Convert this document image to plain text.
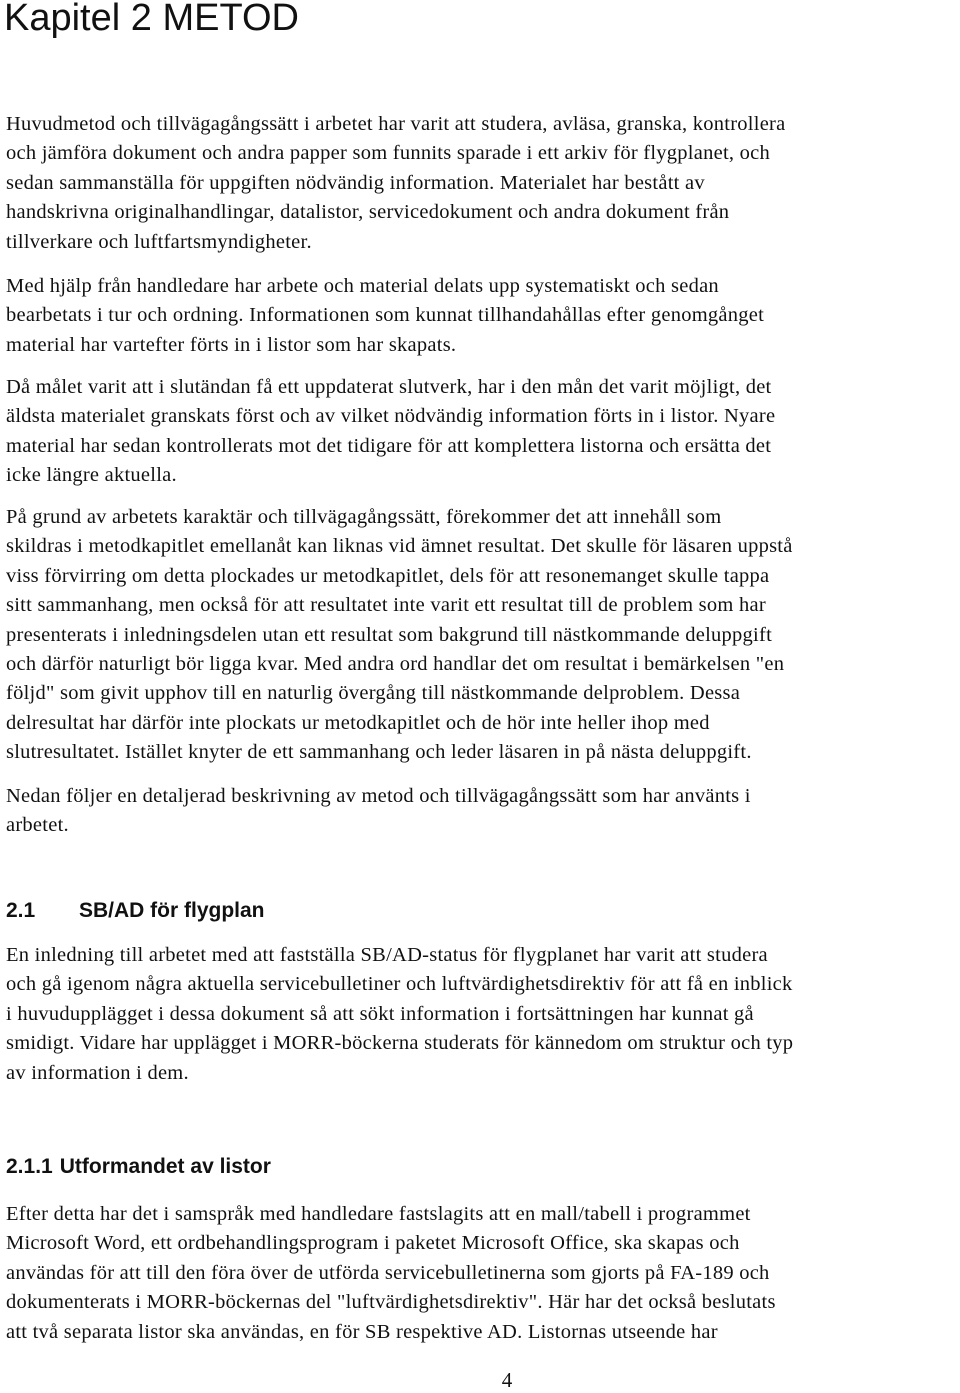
Kapitel 2 METOD

Huvudmetod och tillvägagångssätt i arbetet har varit att studera, avläsa, granska, kontrollera
och jämföra dokument och andra papper som funnits sparade i ett arkiv för flygplanet, och
sedan sammanställa för uppgiften nödvändig information. Materialet har bestått av
handskrivna originalhandlingar, datalistor, servicedokument och andra dokument från
tillverkare och luftfartsmyndigheter.

Med hjälp från handledare har arbete och material delats upp systematiskt och sedan
bearbetats i tur och ordning. Informationen som kunnat tillhandahållas efter genomgånget
material har vartefter förts in i listor som har skapats.

Då målet varit att i slutändan få ett uppdaterat slutverk, har i den mån det varit möjligt, det
äldsta materialet granskats först och av vilket nödvändig information förts in i listor. Nyare
material har sedan kontrollerats mot det tidigare för att komplettera listorna och ersätta det
icke längre aktuella.

På grund av arbetets karaktär och tillvägagångssätt, förekommer det att innehåll som
skildras i metodkapitlet emellanåt kan liknas vid ämnet resultat. Det skulle för läsaren uppstå
viss förvirring om detta plockades ur metodkapitlet, dels för att resonemanget skulle tappa
sitt sammanhang, men också för att resultatet inte varit ett resultat till de problem som har
presenterats i inledningsdelen utan ett resultat som bakgrund till nästkommande deluppgift
och därför naturligt bör ligga kvar. Med andra ord handlar det om resultat i bemärkelsen "en
följd" som givit upphov till en naturlig övergång till nästkommande delproblem. Dessa
delresultat har därför inte plockats ur metodkapitlet och de hör inte heller ihop med
slutresultatet. Istället knyter de ett sammanhang och leder läsaren in på nästa deluppgift.

Nedan följer en detaljerad beskrivning av metod och tillvägagångssätt som har använts i
arbetet.

2.1 SB/AD för flygplan

En inledning till arbetet med att fastställa SB/AD-status för flygplanet har varit att studera
och gå igenom några aktuella servicebulletiner och luftvärdighetsdirektiv för att få en inblick
i huvudupplägget i dessa dokument så att sökt information i fortsättningen har kunnat gå
smidigt. Vidare har upplägget i MORR-böckerna studerats för kännedom om struktur och typ
av information i dem.

2.1.1 Utformandet av listor

Efter detta har det i samspråk med handledare fastslagits att en mall/tabell i programmet
Microsoft Word, ett ordbehandlingsprogram i paketet Microsoft Office, ska skapas och
användas för att till den föra över de utförda servicebulletinerna som gjorts på FA-189 och
dokumenterats i MORR-böckernas del "luftvärdighetsdirektiv". Här har det också beslutats
att två separata listor ska användas, en för SB respektive AD. Listornas utseende har

4
